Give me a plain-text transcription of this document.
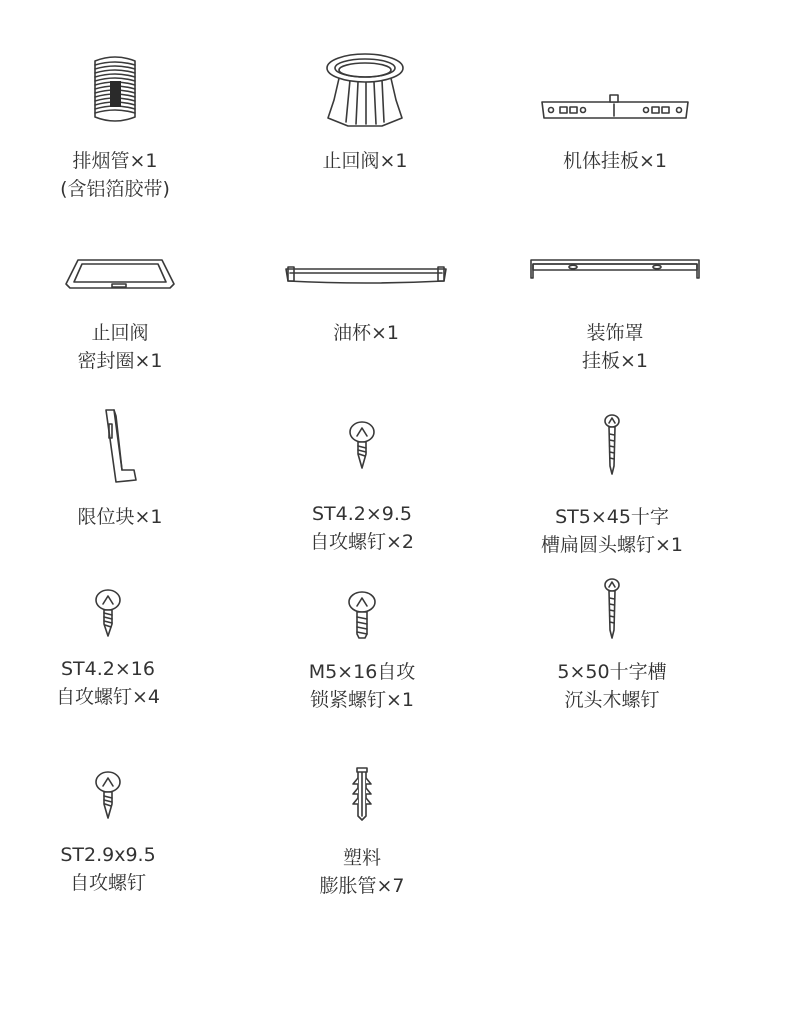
排烟管×1
(含铝箔胶带)
止回阀×1	机体挂板×1
止回阀
密封圈×1
油杯×1	装饰罩
挂板×1
限位块×1	ST4.2×9.5
自攻螺钉×2
ST5×45十字
槽扁圆头螺钉×1
ST4.2×16
自攻螺钉×4
M5×16自攻
锁紧螺钉×1
5×50十字槽
沉头木螺钉
ST2.9x9.5
自攻螺钉
塑料
膨胀管×7
